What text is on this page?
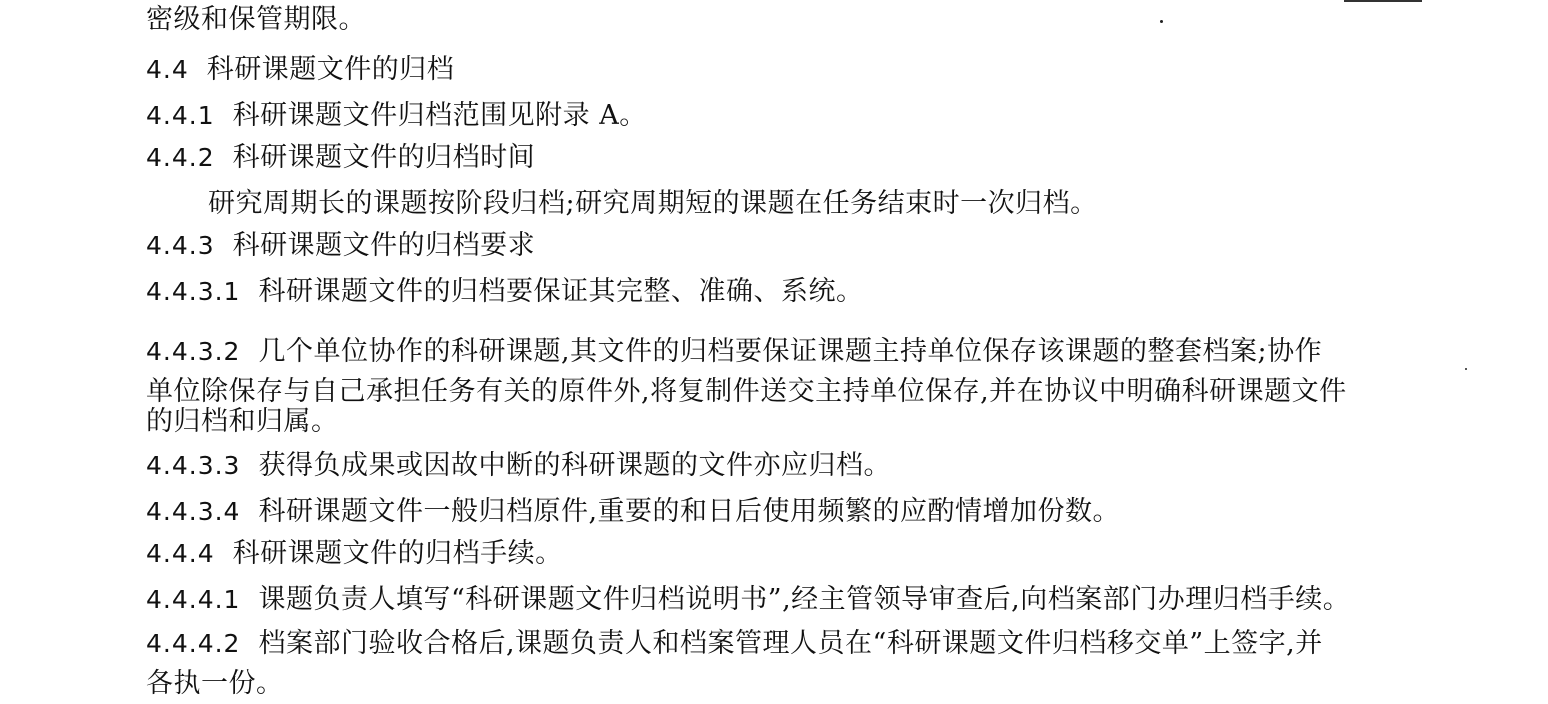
密级和保管期限。
4.4 科研课题文件的归档
4.4.1 科研课题文件归档范围见附录 A。
4.4.2 科研课题文件的归档时间
研究周期长的课题按阶段归档;研究周期短的课题在任务结束时一次归档。
4.4.3 科研课题文件的归档要求
4.4.3.1 科研课题文件的归档要保证其完整、准确、系统。
4.4.3.2 几个单位协作的科研课题,其文件的归档要保证课题主持单位保存该课题的整套档案;协作
单位除保存与自己承担任务有关的原件外,将复制件送交主持单位保存,并在协议中明确科研课题文件
的归档和归属。
4.4.3.3 获得负成果或因故中断的科研课题的文件亦应归档。
4.4.3.4 科研课题文件一般归档原件,重要的和日后使用频繁的应酌情增加份数。
4.4.4 科研课题文件的归档手续。
4.4.4.1 课题负责人填写“科研课题文件归档说明书”,经主管领导审查后,向档案部门办理归档手续。
4.4.4.2 档案部门验收合格后,课题负责人和档案管理人员在“科研课题文件归档移交单”上签字,并
各执一份。
